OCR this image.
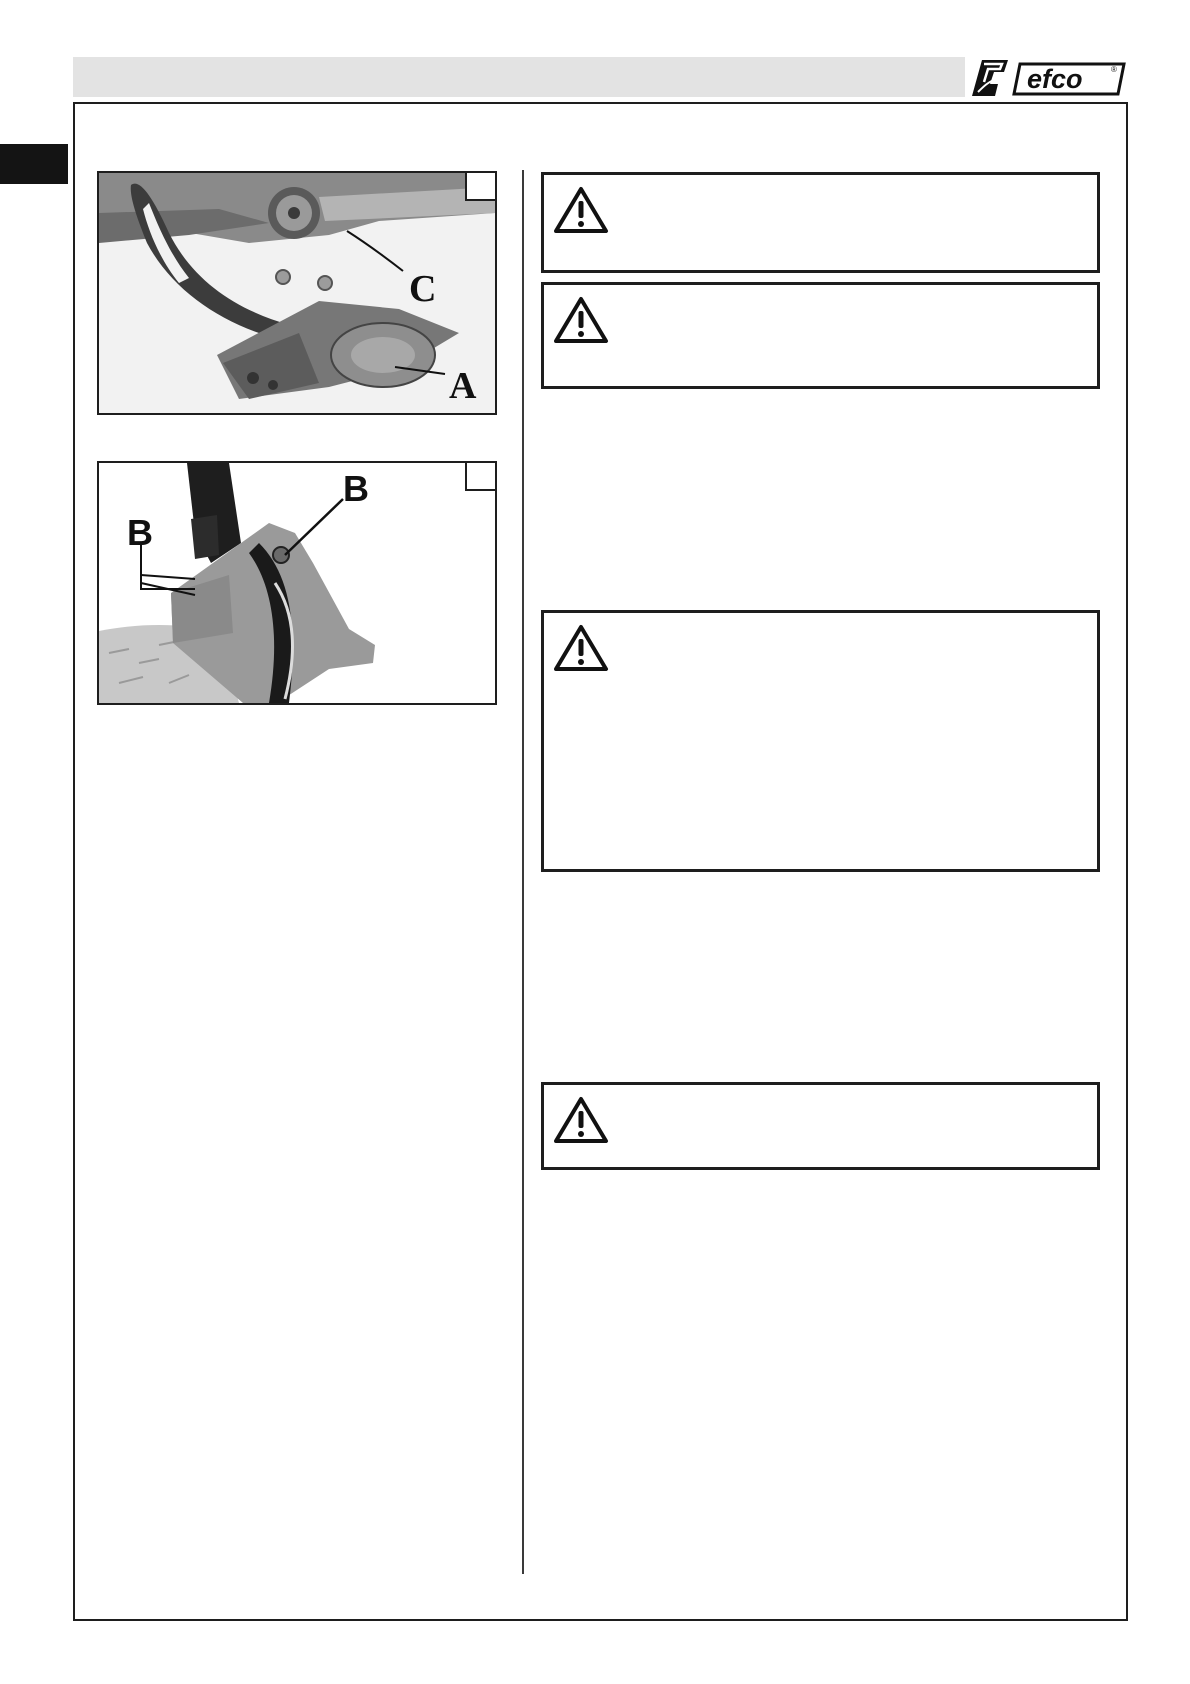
efco	®
C
A
B
B
